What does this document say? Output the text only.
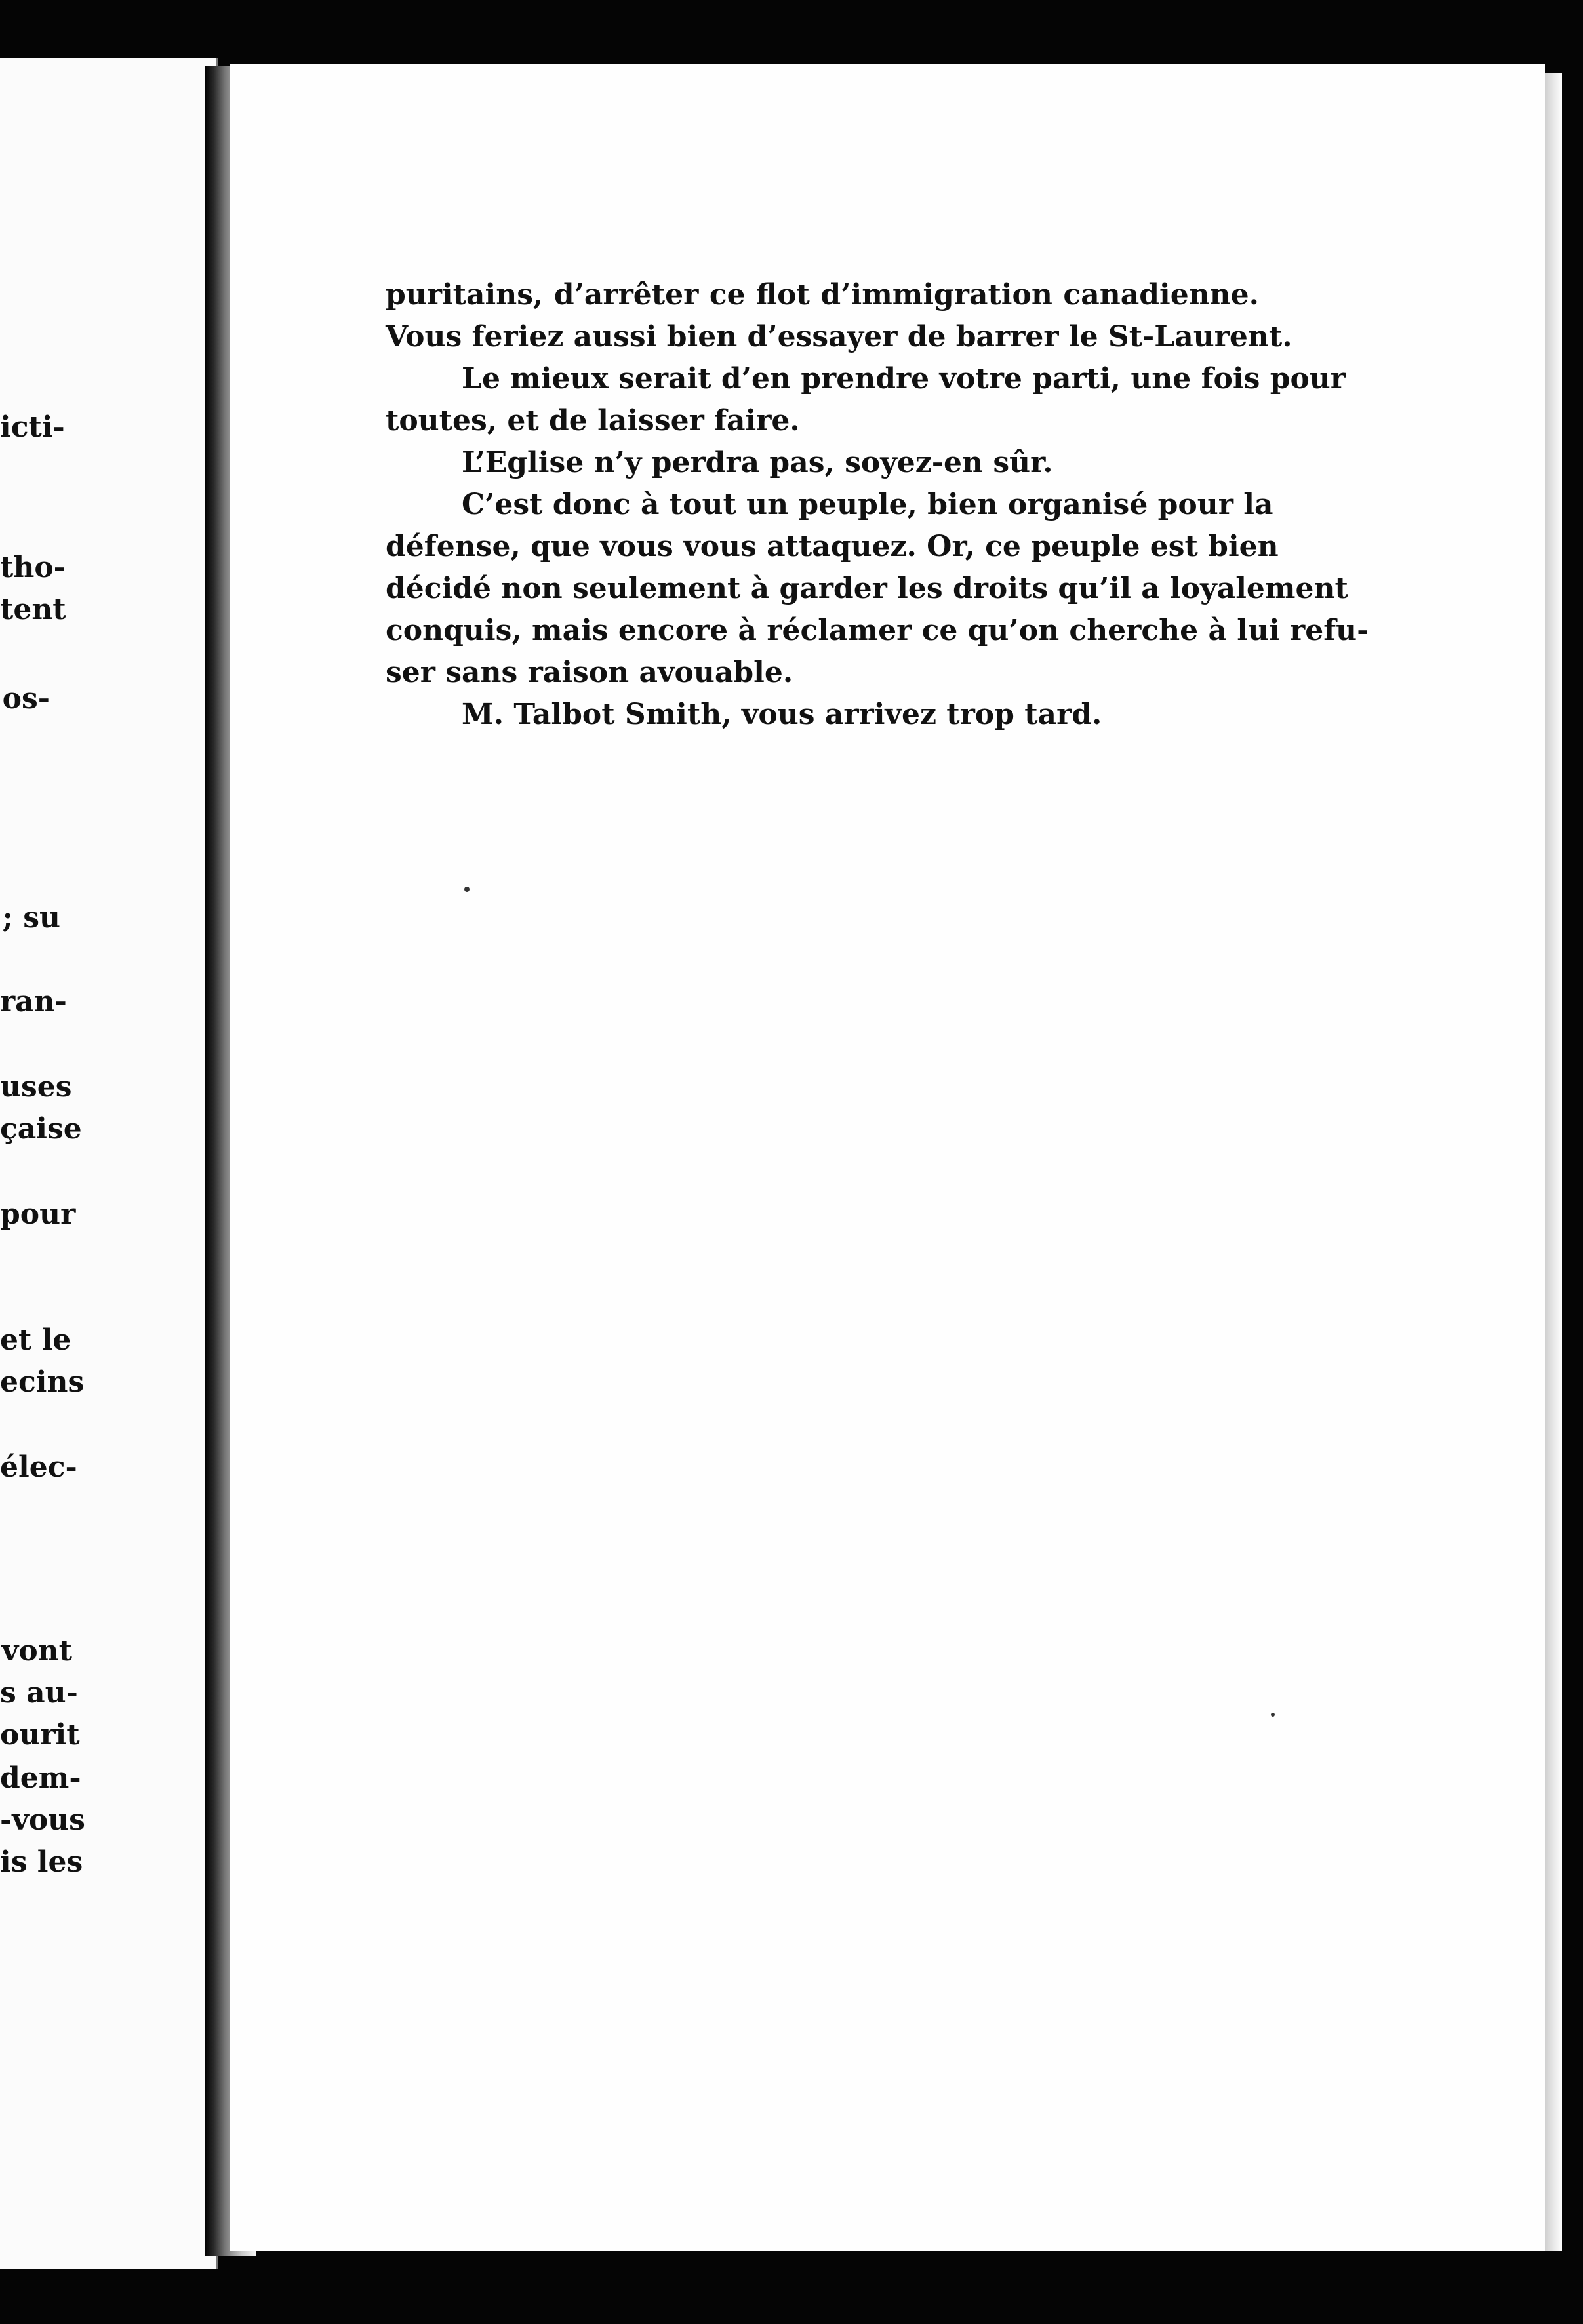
icti-
tho-
tent
os-
; su
ran-
uses
çaise
pour
et le
ecins
élec-
vont
s au-
ourit
dem-
-vous
is les
puritains, d’arrêter ce flot d’immigration canadienne.
Vous feriez aussi bien d’essayer de barrer le St-Laurent.
Le mieux serait d’en prendre votre parti, une fois pour
toutes, et de laisser faire.
L’Eglise n’y perdra pas, soyez-en sûr.
C’est donc à tout un peuple, bien organisé pour la
défense, que vous vous attaquez. Or, ce peuple est bien
décidé non seulement à garder les droits qu’il a loyalement
conquis, mais encore à réclamer ce qu’on cherche à lui refu-
ser sans raison avouable.
M. Talbot Smith, vous arrivez trop tard.
